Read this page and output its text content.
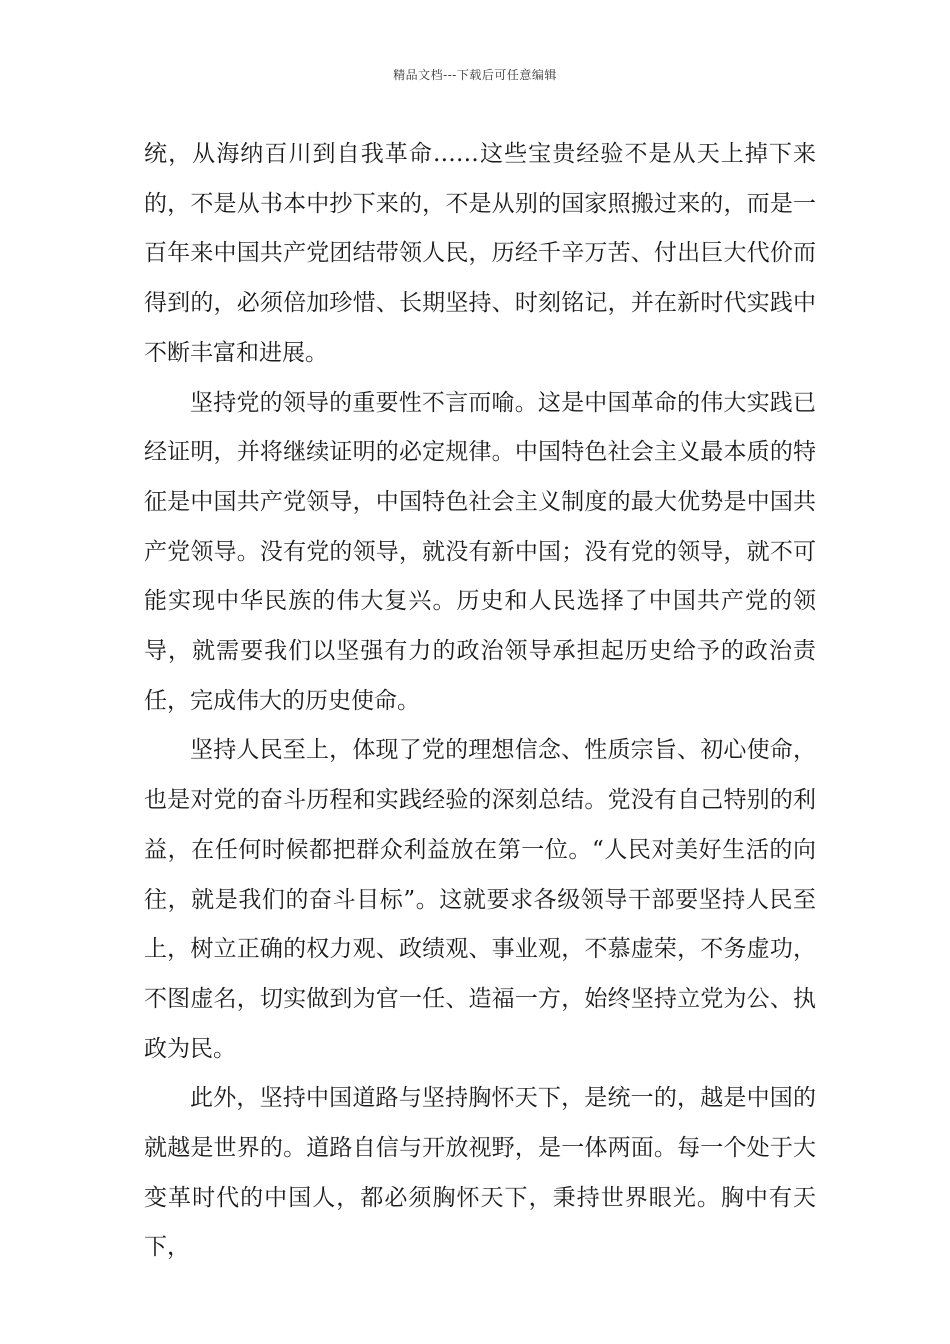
精品文档---下载后可任意编辑

统，从海纳百川到自我革命……这些宝贵经验不是从天上掉下来的，不是从书本中抄下来的，不是从别的国家照搬过来的，而是一百年来中国共产党团结带领人民，历经千辛万苦、付出巨大代价而得到的，必须倍加珍惜、长期坚持、时刻铭记，并在新时代实践中不断丰富和进展。

坚持党的领导的重要性不言而喻。这是中国革命的伟大实践已经证明，并将继续证明的必定规律。中国特色社会主义最本质的特征是中国共产党领导，中国特色社会主义制度的最大优势是中国共产党领导。没有党的领导，就没有新中国；没有党的领导，就不可能实现中华民族的伟大复兴。历史和人民选择了中国共产党的领导，就需要我们以坚强有力的政治领导承担起历史给予的政治责任，完成伟大的历史使命。

坚持人民至上，体现了党的理想信念、性质宗旨、初心使命，也是对党的奋斗历程和实践经验的深刻总结。党没有自己特别的利益，在任何时候都把群众利益放在第一位。“人民对美好生活的向往，就是我们的奋斗目标”。这就要求各级领导干部要坚持人民至上，树立正确的权力观、政绩观、事业观，不慕虚荣，不务虚功，不图虚名，切实做到为官一任、造福一方，始终坚持立党为公、执政为民。

此外，坚持中国道路与坚持胸怀天下，是统一的，越是中国的就越是世界的。道路自信与开放视野，是一体两面。每一个处于大变革时代的中国人，都必须胸怀天下，秉持世界眼光。胸中有天下，
